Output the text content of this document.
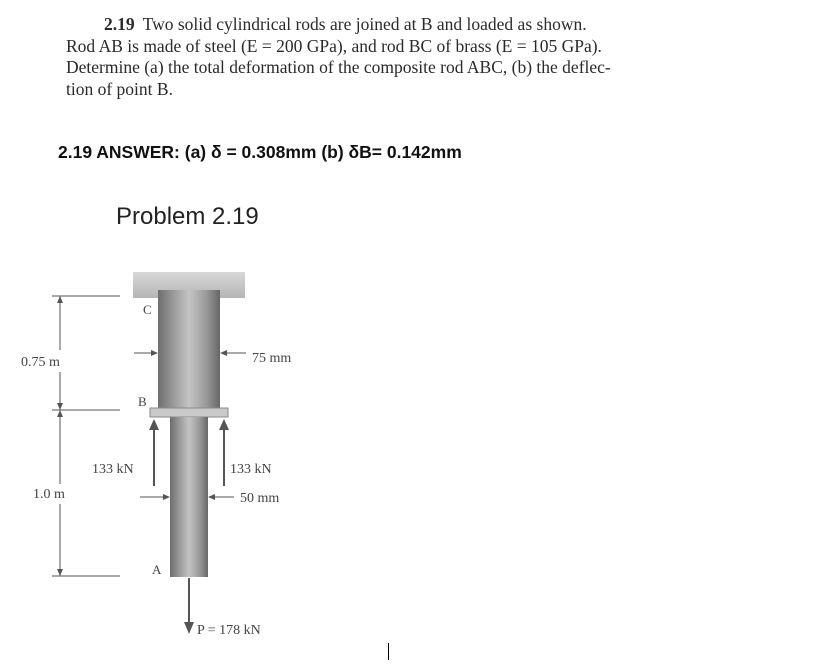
2.19 Two solid cylindrical rods are joined at B and loaded as shown.
Rod AB is made of steel (E = 200 GPa), and rod BC of brass (E = 105 GPa).
Determine (a) the total deformation of the composite rod ABC, (b) the deflec-
tion of point B.
2.19 ANSWER: (a) δ = 0.308mm (b) δB= 0.142mm
Problem 2.19
C
B
A
0.75 m
1.0 m
75 mm
50 mm
133 kN	133 kN
P = 178 kN
